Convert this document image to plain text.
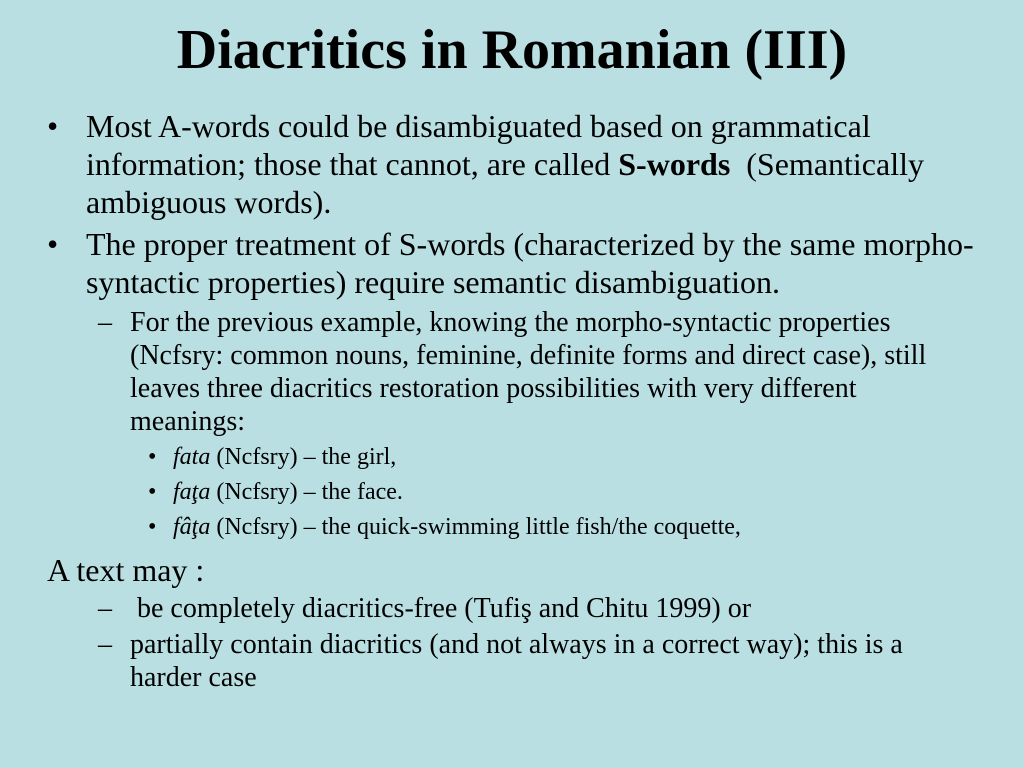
Diacritics in Romanian (III)
• Most A-words could be disambiguated based on grammatical information; those that cannot, are called S-words  (Semantically ambiguous words).
• The proper treatment of S-words (characterized by the same morpho-syntactic properties) require semantic disambiguation.
– For the previous example, knowing the morpho-syntactic properties (Ncfsry: common nouns, feminine, definite forms and direct case), still leaves three diacritics restoration possibilities with very different meanings:
• fata (Ncfsry) – the girl,
• faţa (Ncfsry) – the face.
• fâţa (Ncfsry) – the quick-swimming little fish/the coquette,
A text may :
– be completely diacritics-free (Tufiş and Chitu 1999) or
– partially contain diacritics (and not always in a correct way); this is a harder case
